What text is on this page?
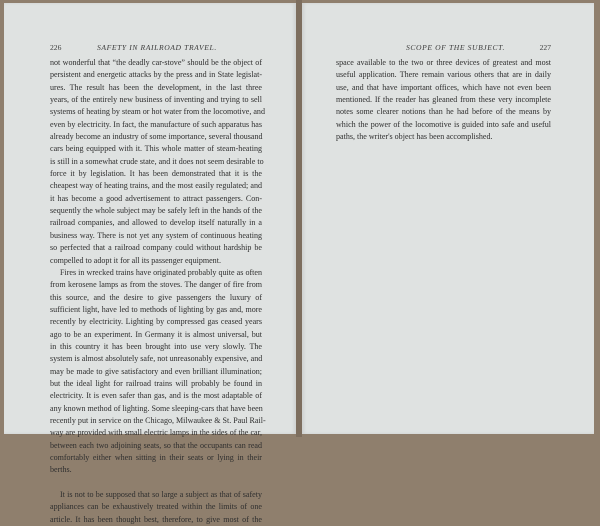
226	SAFETY IN RAILROAD TRAVEL.
not wonderful that “the deadly car-stove” should be the object of
persistent and energetic attacks by the press and in State legislat-
ures. The result has been the development, in the last three
years, of the entirely new business of inventing and trying to sell
systems of heating by steam or hot water from the locomotive, and
even by electricity. In fact, the manufacture of such apparatus has
already become an industry of some importance, several thousand
cars being equipped with it. This whole matter of steam-heating
is still in a somewhat crude state, and it does not seem desirable to
force it by legislation. It has been demonstrated that it is the
cheapest way of heating trains, and the most easily regulated; and
it has become a good advertisement to attract passengers. Con-
sequently the whole subject may be safely left in the hands of the
railroad companies, and allowed to develop itself naturally in a
business way. There is not yet any system of continuous heating
so perfected that a railroad company could without hardship be
compelled to adopt it for all its passenger equipment.
Fires in wrecked trains have originated probably quite as often
from kerosene lamps as from the stoves. The danger of fire from
this source, and the desire to give passengers the luxury of
sufficient light, have led to methods of lighting by gas and, more
recently by electricity. Lighting by compressed gas ceased years
ago to be an experiment. In Germany it is almost universal, but
in this country it has been brought into use very slowly. The
system is almost absolutely safe, not unreasonably expensive, and
may be made to give satisfactory and even brilliant illumination;
but the ideal light for railroad trains will probably be found in
electricity. It is even safer than gas, and is the most adaptable of
any known method of lighting. Some sleeping-cars that have been
recently put in service on the Chicago, Milwaukee & St. Paul Rail-
way are provided with small electric lamps in the sides of the car,
between each two adjoining seats, so that the occupants can read
comfortably either when sitting in their seats or lying in their
berths.
It is not to be supposed that so large a subject as that of safety
appliances can be exhaustively treated within the limits of one
article. It has been thought best, therefore, to give most of the
SCOPE OF THE SUBJECT.	227
space available to the two or three devices of greatest and most
useful application. There remain various others that are in daily
use, and that have important offices, which have not even been
mentioned. If the reader has gleaned from these very incomplete
notes some clearer notions than he had before of the means by
which the power of the locomotive is guided into safe and useful
paths, the writer's object has been accomplished.
